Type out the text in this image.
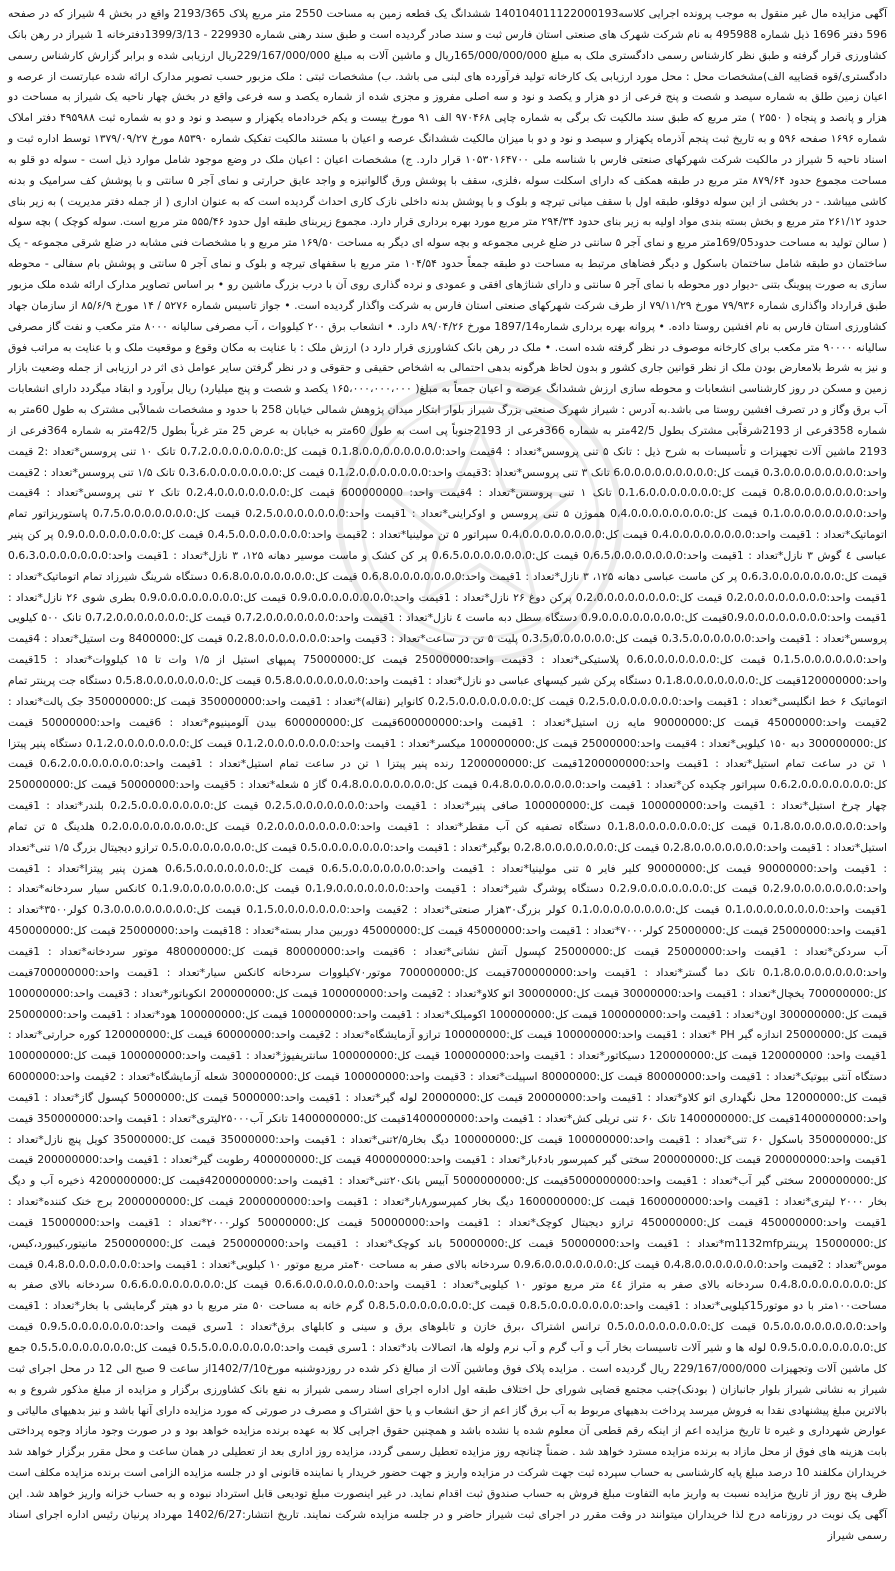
آگهی مزایده مال غیر منقول به موجب پرونده اجرایی کلاسه140104011122000193 ششدانگ یک قطعه زمین به مساحت 2550 متر مربع پلاک 2193/365 واقع در بخش 4 شیراز که در صفحه 596 دفتر 1696 ذیل شماره 495988 به نام شرکت شهرک های صنعتی استان فارس ثبت و سند صادر گردیده است و طبق سند رهنی شماره 229930 - 1399/3/13دفترخانه 1 شیراز در رهن بانک کشاورزی قرار گرفته و طبق نظر کارشناس رسمی دادگستری ملک به مبلغ 165/000/000/000ریال و ماشین آلات به مبلغ 229/167/000/000ریال ارزیابی شده و برابر گزارش کارشناس رسمی دادگستری/قوه قضاییه الف)مشخصات محل : محل مورد ارزیابی یک کارخانه تولید فرآورده های لبنی می باشد. ب) مشخصات ثبتی : ملک مزبور حسب تصویر مدارک ارائه شده عبارتست از عرصه و اعیان زمین طلق به شماره سیصد و شصت و پنج فرعی از دو هزار و یکصد و نود و سه اصلی مفروز و مجزی شده از شماره یکصد و سه فرعی واقع در بخش چهار ناحیه یک شیراز به مساحت دو هزار و پانصد و پنجاه ( ۲۵۵۰ ) متر مربع که طبق سند مالکیت تک برگی به شماره چاپی ۹۷۰۴۶۸ الف ۹۱ مورخ بیست و یکم خردادماه یکهزار و سیصد و نود و دو به شماره ثبت ۴۹۵۹۸۸ دفتر املاک شماره ۱۶۹۶ صفحه ۵۹۶ و به تاریخ ثبت پنجم آذرماه یکهزار و سیصد و نود و دو با میزان مالکیت ششدانگ عرصه و اعیان با مستند مالکیت تفکیک شماره ۸۵۳۹۰ مورخ ۱۳۷۹/۰۹/۲۷ توسط اداره ثبت و اسناد ناحیه 5 شیراز در مالکیت شرکت شهرکهای صنعتی فارس با شناسه ملی ۱۰۵۳۰۱۶۴۷۰۰ قرار دارد. ج) مشخصات اعیان : اعیان ملک در وضع موجود شامل موارد ذیل است - سوله دو قلو به مساحت مجموع حدود ۸۷۹/۶۴ متر مربع در طبقه همکف که دارای اسکلت سوله ،فلزی، سقف با پوشش ورق گالوانیزه و واجد عایق حرارتی و نمای آجر ۵ سانتی و با پوشش کف سرامیک و بدنه کاشی میباشد. - در بخشی از این سوله دوقلو، طبقه اول با سقف میانی تیرچه و بلوک و با پوشش بدنه داخلی نازک کاری احداث گردیده است که به عنوان اداری ( از جمله دفتر مدیریت ) به زیر بنای حدود ۲۶۱/۱۲ متر مربع و بخش بسته بندی مواد اولیه به زیر بنای حدود ۲۹۴/۳۴ متر مربع مورد بهره برداری قرار دارد. مجموع زیربنای طبقه اول حدود ۵۵۵/۴۶ متر مربع است. سوله کوچک ) بچه سوله ( سالن تولید به مساحت حدود169/05متر مربع و نمای آجر ۵ سانتی در ضلع غربی مجموعه و بچه سوله ای دیگر به مساحت ۱۶۹/۵۰ متر مربع و با مشخصات فنی مشابه در ضلع شرقی مجموعه - یک ساختمان دو طبقه شامل ساختمان باسکول و دیگر فضاهای مرتبط به مساحت دو طبقه جمعاً حدود ۱۰۴/۵۴ متر مربع با سقفهای تیرچه و بلوک و نمای آجر ۵ سانتی و پوشش بام سفالی - محوطه سازی به صورت پیوینگ بتنی -دیوار دور محوطه با نمای آجر ۵ سانتی و دارای شناژهای افقی و عمودی و نرده گذاری روی آن با درب بزرگ ماشین رو • بر اساس تصاویر مدارک ارائه شده ملک مزبور طبق قرارداد واگذاری شماره ۷۹/۹۳۶ مورخ ۷۹/۱۱/۲۹ از طرف شرکت شهرکهای صنعتی استان فارس به شرکت واگذار گردیده است. • جواز تاسیس شماره ۵۲۷۶ / ۱۴ مورخ ۸۵/۶/۹ از سازمان جهاد کشاورزی استان فارس به نام افشین روستا داده. • پروانه بهره برداری شماره1897/14 مورخ ۸۹/۰۴/۲۶ دارد. • انشعاب برق ۲۰۰ کیلووات ، آب مصرفی سالیانه ۸۰۰۰ متر مکعب و نفت گاز مصرفی سالیانه ۹۰۰۰۰ متر مکعب برای کارخانه موصوف در نظر گرفته شده است. • ملک در رهن بانک کشاورزی قرار دارد د) ارزش ملک : با عنایت به مکان وقوع و موقعیت ملک و با عنایت به مراتب فوق و نیز به شرط بلامعارض بودن ملک از نظر قوانین جاری کشور و بدون لحاظ هرگونه بدهی احتمالی به اشخاص حقیقی و حقوقی و در نظر گرفتن سایر عوامل ذی اثر در ارزیابی از جمله وضعیت بازار زمین و مسکن در روز کارشناسی انشعابات و محوطه سازی ارزش ششدانگ عرصه و اعیان جمعاً به مبلغ( ۱۶۵،۰۰۰،۰۰۰،۰۰۰ یکصد و شصت و پنج میلیارد) ریال برآورد و ابقاد میگردد دارای انشعابات آب برق وگاز و در تصرف افشین روستا می باشد.به آدرس : شیراز شهرک صنعتی بزرگ شیراز بلوار ابتکار میدان پژوهش شمالی خیابان 258 با حدود و مشخصات شمالاًبی مشترک به طول 60متر به شماره 358فرعی از 2193شرقاًبی مشترک بطول 42/5متر به شماره 366فرعی از 2193جنوباً پی است به طول 60متر به خیابان به عرض 25 متر غرباً بطول 42/5متر به شماره 364فرعی از 2193 ماشین آلات تجهیزات و تأسیسات به شرح ذیل : تانک ۵ تنی پروسس*تعداد : 4قیمت واحد:0،1،8،0،0،0،0،0،0،0،0 قیمت کل:0،7،2،0،0،0،0،0،0،0 تانک ۱۰ تنی پروسس*تعداد :2 قیمت واحد:0،3،0،0،0،0،0،0،0،0 قیمت کل:6،0،0،0،0،0،0،0،0،0 تانک ۳ تنی پروسس*تعداد :3قیمت واحد:0،1،2،0،0،0،0،0،0،0 قیمت کل:0،3،6،0،0،0،0،0،0،0 تانک ۱/۵ تنی پروسس*تعداد : 2قیمت واحد:0،8،0،0،0،0،0،0،0 قیمت کل:0،1،6،0،0،0،0،0،0،0 تانک ۱ تنی پروسس*تعداد : 4قیمت واحد: 600000000 قیمت کل:0،2،4،0،0،0،0،0،0،0 تانک ۲ تنی پروسس*تعداد : 4قیمت واحد:0،1،0،0،0،0،0،0،0،0 قیمت کل:0،4،0،0،0،0،0،0،0،0 هموژن ۵ تنی پروسس و اوکراینی*تعداد : 1قیمت واحد:0،2،5،0،0،0،0،0،0،0 قیمت کل:0،7،5،0،0،0،0،0،0،0 پاستوریزاتور تمام اتوماتیک*تعداد : 1قیمت واحد:0،4،0،0،0،0،0،0،0،0 قیمت کل:0،4،0،0،0،0،0،0،0،0 سپراتور ۵ تن مولینیا*تعداد : 2قیمت واحد:0،4،5،0،0،0،0،0،0،0 قیمت کل:0،9،0،0،0،0،0،0،0،0 پر کن پنیر عباسی ٤ گوش ۳ نازل*تعداد : 1قیمت واحد:0،6،5،0،0،0،0،0،0،0 قیمت کل:0،6،5،0،0،0،0،0،0،0 پر کن کشک و ماست موسیر دهانه ۱۲۵، ۳ نازل*تعداد : 1قیمت واحد:0،6،3،0،0،0،0،0،0،0 قیمت کل:0،6،3،0،0،0،0،0،0،0 پر کن ماست عباسی دهانه ۱۲۵، ۳ نازل*تعداد : 1قیمت واحد:0،6،8،0،0،0،0،0،0،0 قیمت کل:0،6،8،0،0،0،0،0،0،0 دستگاه شرینگ شیرزاد تمام اتوماتیک*تعداد : 1قیمت واحد:0،2،0،0،0،0،0،0،0،0 قیمت کل:0،2،0،0،0،0،0،0،0،0 پرکن دوغ ۲۶ نازل*تعداد : 1قیمت واحد:0،9،0،0،0،0،0،0،0،0 قیمت کل:0،9،0،0،0،0،0،0،0،0 بطری شوی ۲۶ نازل*تعداد : 1قیمت واحد:0،9،0،0،0،0،0،0،0،0قیمت کل:0،9،0،0،0،0،0،0،0،0 دستگاه سطل دبه ماست ٤ نازل*تعداد : 1قیمت واحد:0،7،2،0،0،0،0،0،0،0 قیمت کل:0،7،2،0،0،0،0،0،0،0 تانک ۵۰۰ کیلویی پروسس*تعداد : 1قیمت واحد:0،3،5،0،0،0،0،0،0 قیمت کل:0،3،5،0،0،0،0،0،0 پلیت ۵ تن در ساعت*تعداد : 3قیمت واحد:0،2،8،0،0،0،0،0،0،0 قیمت کل:8400000 وت استیل*تعداد : 4قیمت واحد:0،1،5،0،0،0،0،0،0 قیمت کل:0،6،0،0،0،0،0،0،0 پلاستیکی*تعداد : 3قیمت واحد:25000000 قیمت کل:75000000 پمپهای استیل از ۱/۵ وات تا ۱۵ کیلووات*تعداد : 15قیمت واحد:120000000قیمت کل:0،1،8،0،0،0،0،0،0،0 دستگاه پرکن شیر کیسهای عباسی دو نازل*تعداد : 1قیمت واحد:0،5،8،0،0،0،0،0،0،0 قیمت کل:0،5،8،0،0،0،0،0،0،0 دستگاه جت پرینتر تمام اتوماتیک ۶ خط انگلیسی*تعداد : 1قیمت واحد:0،2،5،0،0،0،0،0،0،0 قیمت کل:0،2،5،0،0،0،0،0،0،0 کانوایر (نقاله)*تعداد : 1قیمت واحد:350000000 قیمت کل:350000000 جک پالت*تعداد : 2قیمت واحد:45000000 قیمت کل:90000000 مایه زن استیل*تعداد : 1قیمت واحد:600000000قیمت کل:600000000 بیدن آلومینیوم*تعداد : 6قیمت واحد:50000000 قیمت کل:300000000 دبه ۱۵۰ کیلویی*تعداد : 4قیمت واحد:25000000 قیمت کل:100000000 میکسر*تعداد : 1قیمت واحد:0،1،2،0،0،0،0،0،0،0 قیمت کل:0،1،2،0،0،0،0،0،0،0 دستگاه پنیر پیتزا ۱ تن در ساعت تمام استیل*تعداد : 1قیمت واحد:1200000000قیمت کل:1200000000 رنده پنیر پیتزا ۱ تن در ساعت تمام استیل*تعداد : 1قیمت واحد:0،6،2،0،0،0،0،0،0،0 قیمت کل:0،6،2،0،0،0،0،0،0،0 سپراتور چکیده کن*تعداد : 1قیمت واحد:0،4،8،0،0،0،0،0،0،0 قیمت کل:0،4،8،0،0،0،0،0،0،0 گاز ۵ شعله*تعداد : 5قیمت واحد:50000000 قیمت کل:250000000 چهار چرخ استیل*تعداد : 1قیمت واحد:100000000 قیمت کل:100000000 صافی پنیر*تعداد : 1قیمت واحد:0،2،5،0،0،0،0،0،0،0 قیمت کل:0،2،5،0،0،0،0،0،0،0 بلندر*تعداد : 1قیمت واحد:0،1،8،0،0،0،0،0،0،0 قیمت کل:0،1،8،0،0،0،0،0،0،0 دستگاه تصفیه کن آب مقطر*تعداد : 1قیمت واحد:0،2،0،0،0،0،0،0،0،0 قیمت کل:0،2،0،0،0،0،0،0،0،0 هلدینگ ۵ تن تمام استیل*تعداد : 1قیمت واحد:0،2،8،0،0،0،0،0،0،0 قیمت کل:0،2،8،0،0،0،0،0،0،0 بوگیر*تعداد : 1قیمت واحد:0،5،0،0،0،0،0،0،0 قیمت کل:0،5،0،0،0،0،0،0،0 ترازو دیجیتال بزرگ ۱/۵ تنی*تعداد : 1قیمت واحد:90000000 قیمت کل:90000000 کلیر فایر ۵ تنی مولینیا*تعداد : 1قیمت واحد:0،6،5،0،0،0،0،0،0،0 قیمت کل:0،6،5،0،0،0،0،0،0،0 همزن پنیر پیتزا*تعداد : 1قیمت واحد:0،2،9،0،0،0،0،0،0،0 قیمت کل:0،2،9،0،0،0،0،0،0،0 دستگاه پوشرگ شیر*تعداد : 1قیمت واحد:0،1،9،0،0،0،0،0،0،0 قیمت کل:0،1،9،0،0،0،0،0،0،0 کانکس سیار سردخانه*تعداد : 1قیمت واحد:0،1،0،0،0،0،0،0،0،0 قیمت کل:0،1،0،0،0،0،0،0،0،0 کولر بزرگ۳۰هزار صنعتی*تعداد : 2قیمت واحد:0،1،5،0،0،0،0،0،0،0 قیمت کل:0،3،0،0،0،0،0،0،0،0 کولر۳۵۰۰*تعداد : 1قیمت واحد:25000000 قیمت کل:25000000 کولر۷۰۰۰*تعداد : 1قیمت واحد:45000000 قیمت کل:45000000 دوربین مدار بسته*تعداد : 18قیمت واحد:25000000 قیمت کل:450000000 آب سردکن*تعداد : 1قیمت واحد:25000000 قیمت کل:25000000 کپسول آتش نشانی*تعداد : 6قیمت واحد:80000000 قیمت کل:480000000 موتور سردخانه*تعداد : 1قیمت واحد:0،1،8،0،0،0،0،0،0،0 تانک دما گستر*تعداد : 1قیمت واحد:700000000قیمت کل:700000000 موتور۷۰کیلووات سردخانه کانکس سیار*تعداد : 1قیمت واحد:700000000قیمت کل:700000000 یخچال*تعداد : 1قیمت واحد:30000000 قیمت کل:30000000 اتو کلاو*تعداد : 2قیمت واحد:100000000 قیمت کل:200000000 انکوباتور*تعداد : 3قیمت واحد:100000000 قیمت کل:300000000 اون*تعداد : 1قیمت واحد:100000000 قیمت کل:100000000 اکومیلک*تعداد : 1قیمت واحد:100000000 قیمت کل:100000000 هود*تعداد : 1قیمت واحد:25000000 قیمت کل:25000000 اندازه گیر PH *تعداد : 1قیمت واحد:100000000 قیمت کل:100000000 ترازو آزمایشگاه*تعداد : 2قیمت واحد:60000000 قیمت کل:120000000 کوره حرارتی*تعداد : 1قیمت واحد: 120000000 قیمت کل:120000000 دسیکاتور*تعداد : 1قیمت واحد:100000000 قیمت کل:100000000 سانتریفیوژ*تعداد : 1قیمت واحد:100000000 قیمت کل:100000000 دستگاه آنتی بیوتیک*تعداد : 1قیمت واحد:80000000 قیمت کل:80000000 اسپیلت*تعداد : 3قیمت واحد:100000000 قیمت کل:300000000 شعله آزمایشگاه*تعداد : 2قیمت واحد:6000000 قیمت کل:12000000 محل نگهداری اتو کلاو*تعداد : 1قیمت واحد:20000000 قیمت کل:20000000 لوله گیر*تعداد : 1قیمت واحد:5000000 قیمت کل:5000000 کپسول گاز*تعداد : 1قیمت واحد:1400000000قیمت کل:1400000000 تانک ۶۰ تنی تریلی کش*تعداد : 1قیمت واحد:1400000000قیمت کل:1400000000 تانکر آب۲۵۰۰۰لیتری*تعداد : 1قیمت واحد:350000000 قیمت کل:350000000 باسکول ۶۰ تنی*تعداد : 1قیمت واحد:100000000 قیمت کل:100000000 دیگ بخار۲/۵تنی*تعداد : 1قیمت واحد:35000000 قیمت کل:35000000 کویل پنچ نازل*تعداد : 1قیمت واحد:200000000 قیمت کل:200000000 سختی گیر کمپرسور باد۶بار*تعداد : 1قیمت واحد:400000000 قیمت کل:400000000 رطوبت گیر*تعداد : 1قیمت واحد:200000000 قیمت کل:200000000 سختی گیر آب*تعداد : 1قیمت واحد:5000000000قیمت کل:5000000000 آبیس بانک۲۰تنی*تعداد : 1قیمت واحد:4200000000قیمت کل:4200000000 ذخیره آب و دیگ بخار ۲۰۰۰ لیتری*تعداد : 1قیمت واحد:1600000000 قیمت کل:1600000000 دیگ بخار کمپرسور۸بار*تعداد : 1قیمت واحد:2000000000 قیمت کل:2000000000 برج خنک کننده*تعداد : 1قیمت واحد:450000000 قیمت کل:450000000 ترازو دیجیتال کوچک*تعداد : 1قیمت واحد:50000000 قیمت کل:50000000 کولر۲۰۰۰*تعداد : 1قیمت واحد:15000000 قیمت کل:15000000 پرینترm1132mfp*تعداد : 1قیمت واحد:50000000 قیمت کل:50000000 باند کوچک*تعداد : 1قیمت واحد:250000000 قیمت کل:250000000 مانیتور،کیبورد،کیس، موس*تعداد : 2قیمت واحد:0،4،8،0،0،0،0،0،0،0 قیمت کل:0،9،6،0،0،0،0،0،0،0 سردخانه بالای صفر به مساحت ۴۰متر مربع موتور ۱۰ کیلویی*تعداد : 1قیمت واحد:0،4،8،0،0،0،0،0،0،0 قیمت کل:0،4،8،0،0،0،0،0،0،0 سردخانه بالای صفر به متراژ ٤٤ متر مربع موتور ۱۰ کیلویی*تعداد : 1قیمت واحد:0،6،6،0،0،0،0،0،0،0 قیمت کل:0،6،6،0،0،0،0،0،0،0 سردخانه بالای صفر به مساحت۱۰۰متر با دو موتور15کیلویی*تعداد : 1قیمت واحد:0،8،5،0،0،0،0،0،0،0 قیمت کل:0،8،5،0،0،0،0،0،0،0 گرم خانه به مساحت ۵۰ متر مربع با دو هیتر گرمایشی با بخار*تعداد : 1قیمت واحد:0،5،0،0،0،0،0،0،0،0 قیمت کل:0،5،0،0،0،0،0،0،0،0 ترانس اشتراک ،برق خازن و تابلوهای برق و سینی و کابلهای برق*تعداد : 1سری قیمت واحد:0،9،5،0،0،0،0،0،0،0 قیمت کل:0،9،5،0،0،0،0،0،0،0 لوله ها و شیر آلات تاسیسات بخار آب و آب گرم و آب نرم ولوله ها، اتصالات باد*تعداد : 1سری قیمت واحد:0،5،5،0،0،0،0،0،0،0 قیمت کل:0،5،5،0،0،0،0،0،0،0 جمع کل ماشین آلات وتجهیزات 229/167/000/000 ریال گردیده است . مزایده پلاک فوق وماشین آلات از مبالغ ذکر شده در روزدوشنبه مورخ1402/7/10از ساعت 9 صبح الی 12 در محل اجرای ثبت شیراز به نشانی شیراز بلوار جانبازان ( بودنک)جنب مجتمع قضایی شورای حل اختلاف طبقه اول اداره اجرای اسناد رسمی شیراز به نفع بانک کشاورزی برگزار و مزایده از مبلغ مذکور شروع و به بالاترین مبلغ پیشنهادی نقدا به فروش میرسد پرداخت بدهیهای مربوط به آب برق گاز اعم از حق انشعاب و یا حق اشتراک و مصرف در صورتی که مورد مزایده دارای آنها باشد و نیز بدهیهای مالیاتی و عوارض شهرداری و غیره تا تاریخ مزایده اعم از اینکه رقم قطعی آن معلوم شده یا نشده باشد و همچنین حقوق اجرایی کلا به عهده برنده مزایده خواهد بود و در صورت وجود مازاد وجوه پرداختی بابت هزینه های فوق از محل مازاد به برنده مزایده مسترد خواهد شد . ضمناً چنانچه روز مزایده تعطیل رسمی گردد، مزایده روز اداری بعد از تعطیلی در همان ساعت و محل مقرر برگزار خواهد شد خریداران مکلفند 10 درصد مبلغ پایه کارشناسی به حساب سپرده ثبت جهت شرکت در مزایده واریز و جهت حضور خریدار یا نماینده قانونی او در جلسه مزایده الزامی است برنده مزایده مکلف است ظرف پنج روز از تاریخ مزایده نسبت به واریز مابه التفاوت مبلغ فروش به حساب صندوق ثبت اقدام نماید. در غیر اینصورت مبلغ تودیعی قابل استرداد نبوده و به حساب خزانه واریز خواهد شد. این آگهی یک نوبت در روزنامه درج لذا خریداران میتوانند در وقت مقرر در اجرای ثبت شیراز حاضر و در جلسه مزایده شرکت نمایند. تاریخ انتشار:1402/6/27 مهرداد پرنیان رئیس اداره اجرای اسناد رسمی شیراز
